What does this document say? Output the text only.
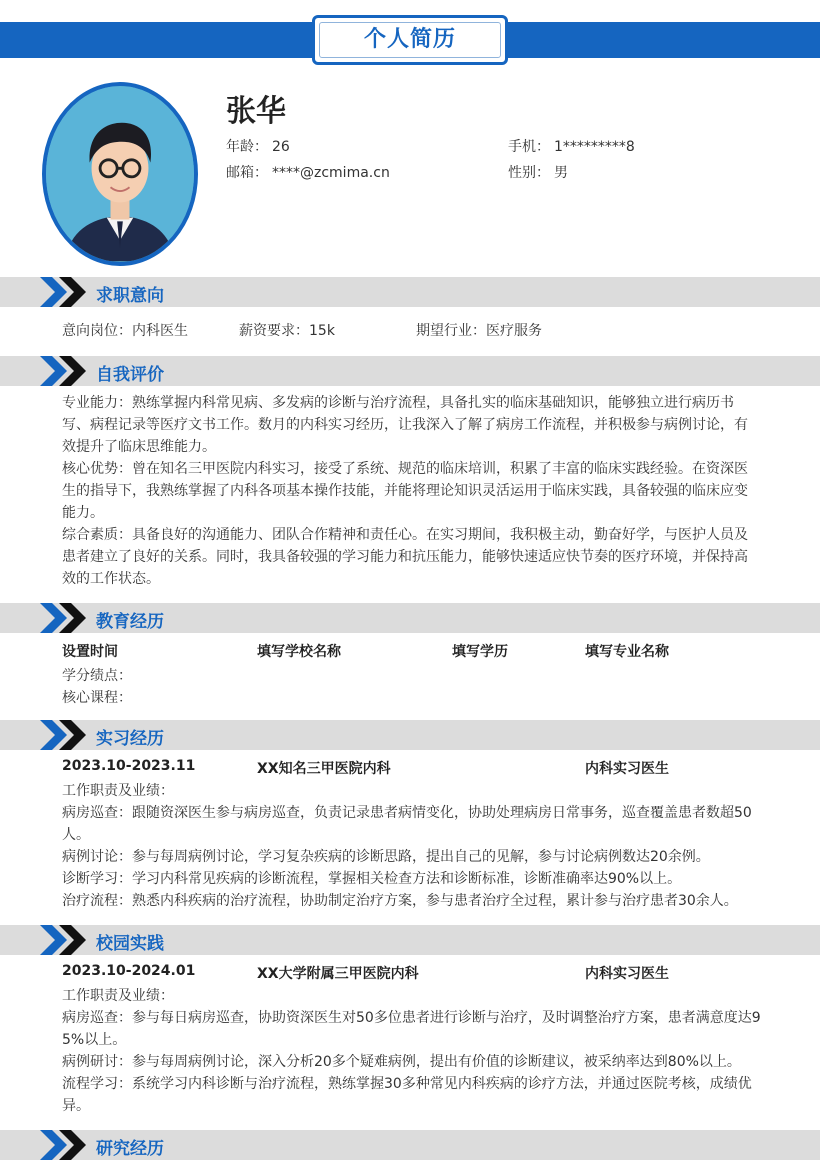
个人简历
张华
年龄： 26	手机： 1*********8
邮箱： ****@zcmima.cn	性别： 男
求职意向
意向岗位：内科医生	薪资要求：15k	期望行业：医疗服务
自我评价
专业能力：熟练掌握内科常见病、多发病的诊断与治疗流程，具备扎实的临床基础知识，能够独立进行病历书
写、病程记录等医疗文书工作。数月的内科实习经历，让我深入了解了病房工作流程，并积极参与病例讨论，有
效提升了临床思维能力。
核心优势：曾在知名三甲医院内科实习，接受了系统、规范的临床培训，积累了丰富的临床实践经验。在资深医
生的指导下，我熟练掌握了内科各项基本操作技能，并能将理论知识灵活运用于临床实践，具备较强的临床应变
能力。
综合素质：具备良好的沟通能力、团队合作精神和责任心。在实习期间，我积极主动，勤奋好学，与医护人员及
患者建立了良好的关系。同时，我具备较强的学习能力和抗压能力，能够快速适应快节奏的医疗环境，并保持高
效的工作状态。
教育经历
设置时间	填写学校名称	填写学历	填写专业名称
学分绩点：
核心课程：
实习经历
2023.10-2023.11	XX知名三甲医院内科	内科实习医生
工作职责及业绩：
病房巡查：跟随资深医生参与病房巡查，负责记录患者病情变化，协助处理病房日常事务，巡查覆盖患者数超50
人。
病例讨论：参与每周病例讨论，学习复杂疾病的诊断思路，提出自己的见解，参与讨论病例数达20余例。
诊断学习：学习内科常见疾病的诊断流程，掌握相关检查方法和诊断标准，诊断准确率达90%以上。
治疗流程：熟悉内科疾病的治疗流程，协助制定治疗方案，参与患者治疗全过程，累计参与治疗患者30余人。
校园实践
2023.10-2024.01	XX大学附属三甲医院内科	内科实习医生
工作职责及业绩：
病房巡查：参与每日病房巡查，协助资深医生对50多位患者进行诊断与治疗，及时调整治疗方案，患者满意度达9
5%以上。
病例研讨：参与每周病例讨论，深入分析20多个疑难病例，提出有价值的诊断建议，被采纳率达到80%以上。
流程学习：系统学习内科诊断与治疗流程，熟练掌握30多种常见内科疾病的诊疗方法，并通过医院考核，成绩优
异。
研究经历
